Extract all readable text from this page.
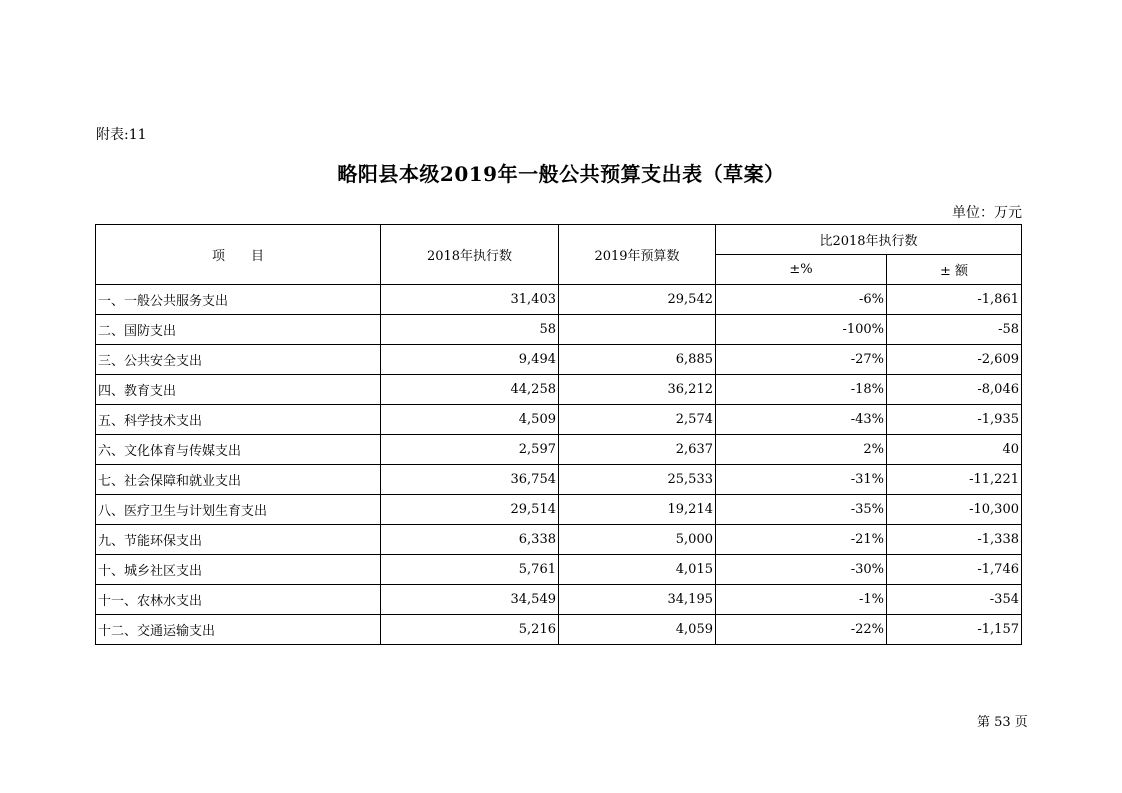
附表:11
略阳县本级2019年一般公共预算支出表（草案）
单位：万元
项　　目	2018年执行数	2019年预算数	比2018年执行数	
			±%	± 额
一、一般公共服务支出	31,403	29,542	-6%	-1,861
二、国防支出	58		-100%	-58
三、公共安全支出	9,494	6,885	-27%	-2,609
四、教育支出	44,258	36,212	-18%	-8,046
五、科学技术支出	4,509	2,574	-43%	-1,935
六、文化体育与传媒支出	2,597	2,637	2%	40
七、社会保障和就业支出	36,754	25,533	-31%	-11,221
八、医疗卫生与计划生育支出	29,514	19,214	-35%	-10,300
九、节能环保支出	6,338	5,000	-21%	-1,338
十、城乡社区支出	5,761	4,015	-30%	-1,746
十一、农林水支出	34,549	34,195	-1%	-354
十二、交通运输支出	5,216	4,059	-22%	-1,157
第 53 页
